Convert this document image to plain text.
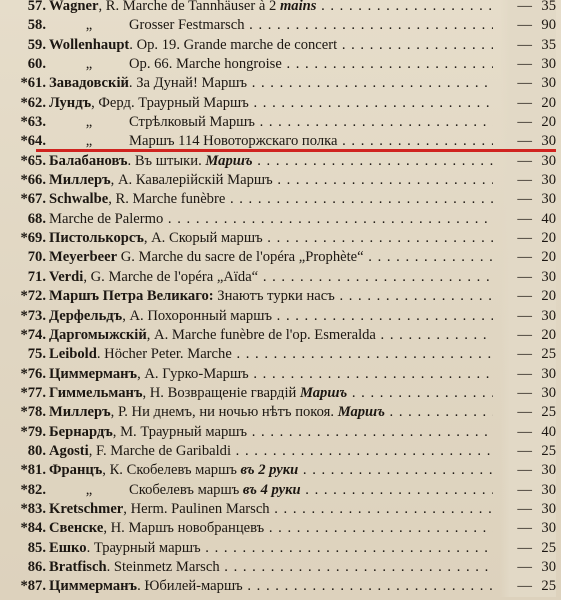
57. Wagner, R. Marche de Tannhäuser à 2 mains . . .	— 35
58.	„	Grosser Festmarsch . . .	— 90
59. Wollenhaupt. Op. 19. Grande marche de concert . . .	— 35
60.	„	Op. 66. Marche hongroise . . .	— 30
*61. Завадовскій. За Дунай! Маршъ . . .	— 30
*62. Лундъ, Ферд. Траурный Маршъ . . .	— 20
*63.	„	Стрѣлковый Маршъ . . .	— 20
*64.	„	Маршъ 114 Новоторжскаго полка . . .	— 30
*65. Балабановъ. Въ штыки. Маршъ . . .	— 30
*66. Миллеръ, А. Кавалерійскій Маршъ . . .	— 30
*67. Schwalbe, R. Marche funèbre . . .	— 30
68. Marche de Palermo . . .	— 40
*69. Пистолькорсъ, А. Скорый маршъ . . .	— 20
70. Meyerbeer G. Marche du sacre de l'opéra „Prophète“ . . .	— 20
71. Verdi, G. Marche de l'opéra „Aïda“ . . .	— 30
*72. Маршъ Петра Великаго: Знаютъ турки насъ . . .	— 20
*73. Дерфельдъ, А. Похоронный маршъ . . .	— 30
*74. Даргомыжскій, А. Marche funèbre de l'op. Esmeralda . . .	— 20
75. Leibold. Höcher Peter. Marche . . .	— 25
*76. Циммерманъ, А. Гурко-Маршъ . . .	— 30
*77. Гиммельманъ, Н. Возвращеніе гвардій Маршъ . . .	— 30
*78. Миллеръ, Р. Ни днемъ, ни ночью нѣтъ покоя. Маршъ . . .	— 25
*79. Бернардъ, М. Траурный маршъ . . .	— 40
80. Agosti, F. Marche de Garibaldi . . .	— 25
*81. Францъ, К. Скобелевъ маршъ въ 2 руки . . .	— 30
*82.	„	Скобелевъ маршъ въ 4 руки . . .	— 30
*83. Kretschmer, Herm. Paulinen Marsch . . .	— 30
*84. Свенске, Н. Маршъ новобранцевъ . . .	— 30
85. Ешко. Траурный маршъ . . .	— 25
86. Bratfisch. Steinmetz Marsch . . .	— 30
*87. Циммерманъ. Юбилей-маршъ . . .	— 25
